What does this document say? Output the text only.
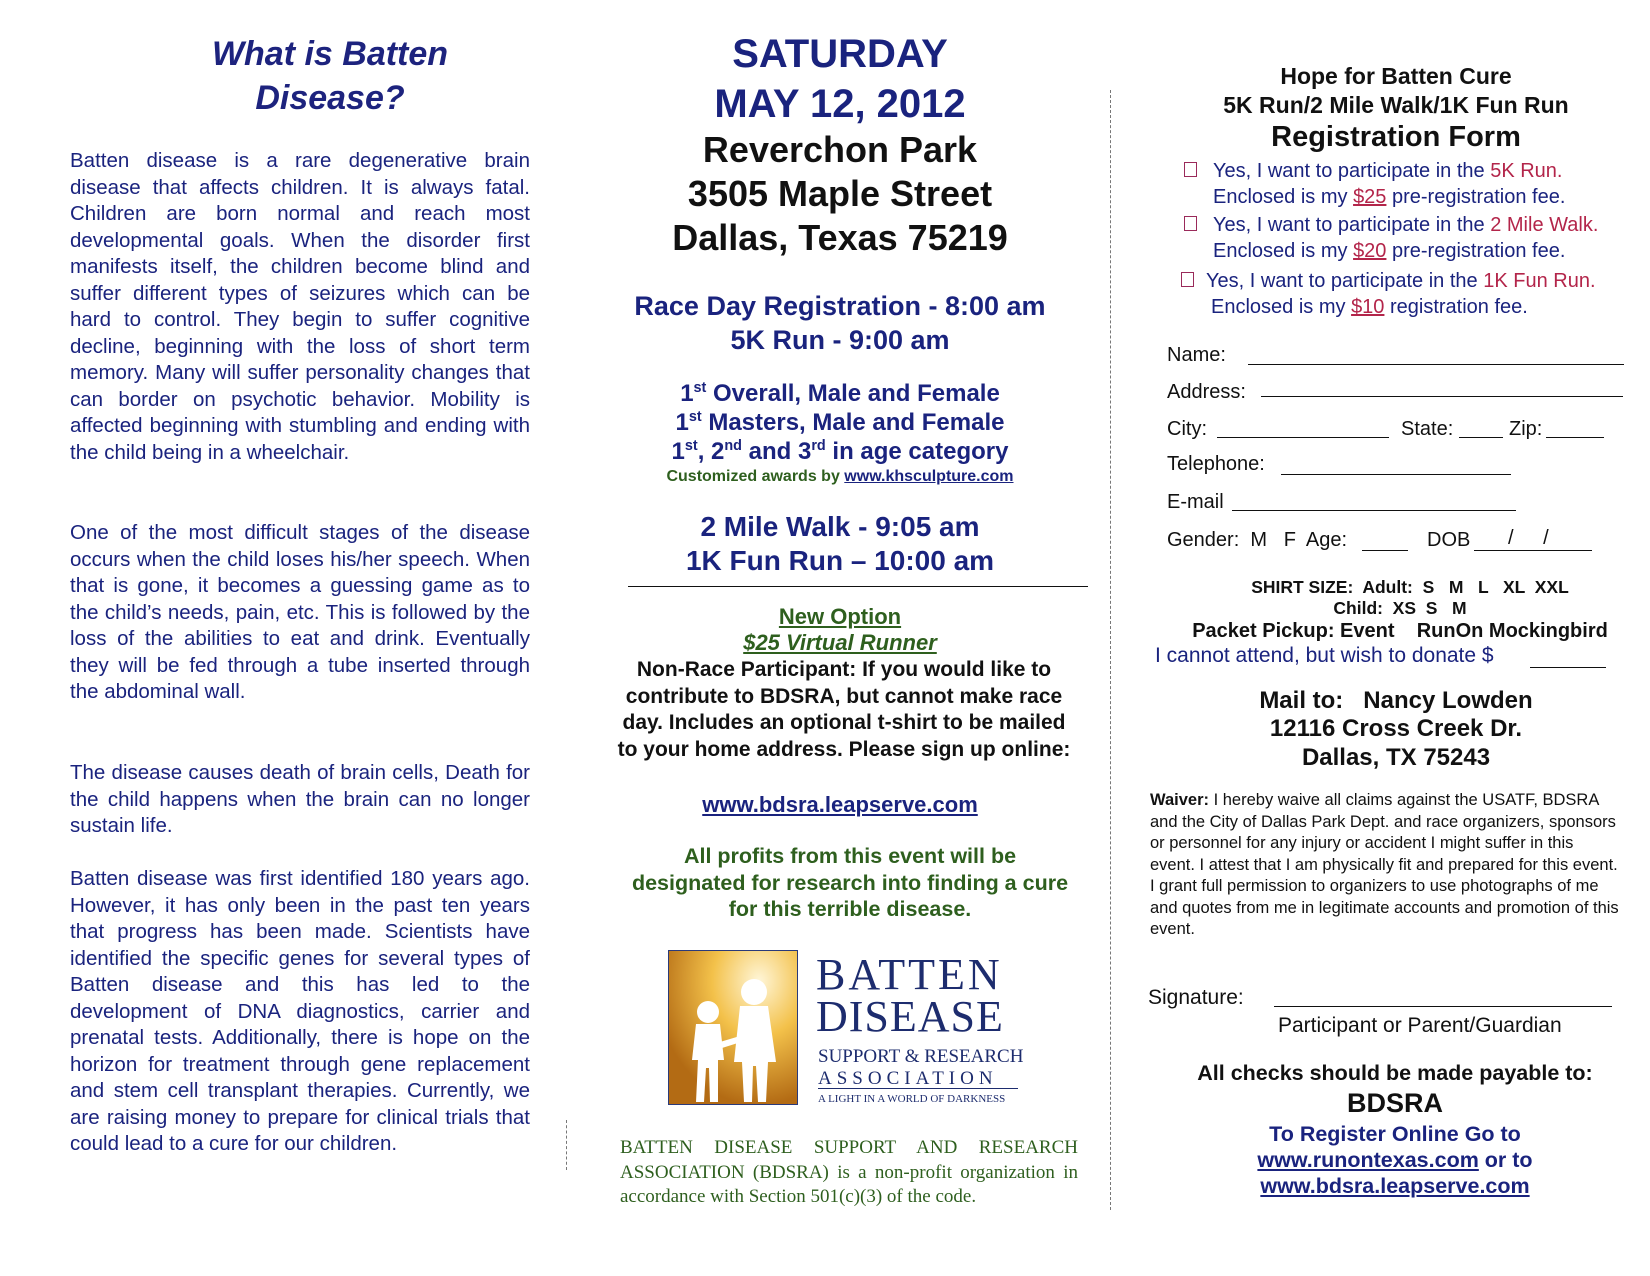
What is Batten Disease?

Batten disease is a rare degenerative brain disease that affects children. It is always fatal. Children are born normal and reach most developmental goals. When the disorder first manifests itself, the children become blind and suffer different types of seizures which can be hard to control. They begin to suffer cognitive decline, beginning with the loss of short term memory. Many will suffer personality changes that can border on psychotic behavior. Mobility is affected beginning with stumbling and ending with the child being in a wheelchair.

One of the most difficult stages of the disease occurs when the child loses his/her speech. When that is gone, it becomes a guessing game as to the child’s needs, pain, etc. This is followed by the loss of the abilities to eat and drink. Eventually they will be fed through a tube inserted through the abdominal wall.

The disease causes death of brain cells, Death for the child happens when the brain can no longer sustain life.

Batten disease was first identified 180 years ago. However, it has only been in the past ten years that progress has been made. Scientists have identified the specific genes for several types of Batten disease and this has led to the development of DNA diagnostics, carrier and prenatal tests. Additionally, there is hope on the horizon for treatment through gene replacement and stem cell transplant therapies. Currently, we are raising money to prepare for clinical trials that could lead to a cure for our children.

SATURDAY
MAY 12, 2012
Reverchon Park
3505 Maple Street
Dallas, Texas 75219
Race Day Registration - 8:00 am
5K Run - 9:00 am
1st Overall, Male and Female
1st Masters, Male and Female
1st, 2nd and 3rd in age category
Customized awards by www.khsculpture.com
2 Mile Walk - 9:05 am
1K Fun Run – 10:00 am
New Option
$25 Virtual Runner
Non-Race Participant: If you would like to contribute to BDSRA, but cannot make race day. Includes an optional t-shirt to be mailed to your home address. Please sign up online:
www.bdsra.leapserve.com
All profits from this event will be designated for research into finding a cure for this terrible disease.
BATTEN
DISEASE
SUPPORT & RESEARCH
ASSOCIATION
A LIGHT IN A WORLD OF DARKNESS
BATTEN DISEASE SUPPORT AND RESEARCH ASSOCIATION (BDSRA) is a non-profit organization in accordance with Section 501(c)(3) of the code.
Hope for Batten Cure
5K Run/2 Mile Walk/1K Fun Run
Registration Form
Yes, I want to participate in the 5K Run.
Enclosed is my $25 pre-registration fee.
Yes, I want to participate in the 2 Mile Walk.
Enclosed is my $20 pre-registration fee.
Yes, I want to participate in the 1K Fun Run.
Enclosed is my $10 registration fee.
Name:
Address:
City:	State:	Zip:
Telephone:
E-mail
Gender:  M   F  Age:	DOB / /
SHIRT SIZE:  Adult:  S   M   L   XL  XXL
Child:  XS  S   M
Packet Pickup: Event    RunOn Mockingbird
I cannot attend, but wish to donate $
Mail to:   Nancy Lowden
12116 Cross Creek Dr.
Dallas, TX 75243
Waiver: I hereby waive all claims against the USATF, BDSRA and the City of Dallas Park Dept. and race organizers, sponsors or personnel for any injury or accident I might suffer in this event. I attest that I am physically fit and prepared for this event. I grant full permission to organizers to use photographs of me and quotes from me in legitimate accounts and promotion of this event.
Signature:
Participant or Parent/Guardian
All checks should be made payable to:
BDSRA
To Register Online Go to
www.runontexas.com or to
www.bdsra.leapserve.com
